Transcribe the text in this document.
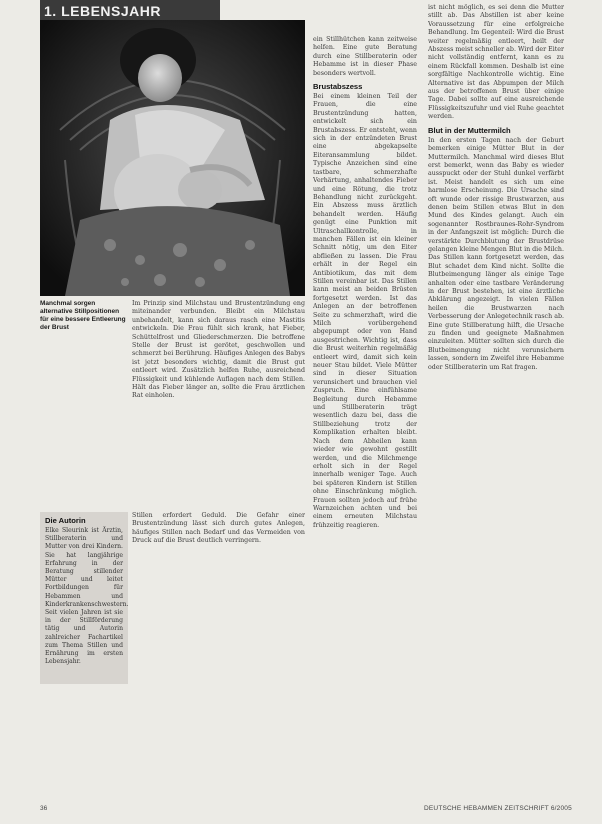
1. LEBENSJAHR
Manchmal sorgen alternative Stillpositionen für eine bessere Entleerung der Brust

Im Prinzip sind Milchstau und Brustentzündung eng miteinander verbunden. Bleibt ein Milchstau unbehandelt, kann sich daraus rasch eine Mastitis entwickeln. Die Frau fühlt sich krank, hat Fieber, Schüttelfrost und Gliederschmerzen. Die betroffene Stelle der Brust ist gerötet, geschwollen und schmerzt bei Berührung. Häufiges Anlegen des Babys ist jetzt besonders wichtig, damit die Brust gut entleert wird. Zusätzlich helfen Ruhe, ausreichend Flüssigkeit und kühlende Auflagen nach dem Stillen. Hält das Fieber länger an, sollte die Frau ärztlichen Rat einholen.

Die Autorin
Elke Sleurink ist Ärztin, Stillberaterin und Mutter von drei Kindern. Sie hat langjährige Erfahrung in der Beratung stillender Mütter und leitet Fortbildungen für Hebammen und Kinderkrankenschwestern. Seit vielen Jahren ist sie in der Stillförderung tätig und Autorin zahlreicher Fachartikel zum Thema Stillen und Ernährung im ersten Lebensjahr.

Stillen erfordert Geduld. Die Gefahr einer Brustentzündung lässt sich durch gutes Anlegen, häufiges Stillen nach Bedarf und das Vermeiden von Druck auf die Brust deutlich verringern.

ein Stillhütchen kann zeitweise helfen. Eine gute Beratung durch eine Stillberaterin oder Hebamme ist in dieser Phase besonders wertvoll.

Brustabszess

Bei einem kleinen Teil der Frauen, die eine Brustentzündung hatten, entwickelt sich ein Brustabszess. Er entsteht, wenn sich in der entzündeten Brust eine abgekapselte Eiteransammlung bildet. Typische Anzeichen sind eine tastbare, schmerzhafte Verhärtung, anhaltendes Fieber und eine Rötung, die trotz Behandlung nicht zurückgeht. Ein Abszess muss ärztlich behandelt werden. Häufig genügt eine Punktion mit Ultraschallkontrolle, in manchen Fällen ist ein kleiner Schnitt nötig, um den Eiter abfließen zu lassen. Die Frau erhält in der Regel ein Antibiotikum, das mit dem Stillen vereinbar ist. Das Stillen kann meist an beiden Brüsten fortgesetzt werden. Ist das Anlegen an der betroffenen Seite zu schmerzhaft, wird die Milch vorübergehend abgepumpt oder von Hand ausgestrichen. Wichtig ist, dass die Brust weiterhin regelmäßig entleert wird, damit sich kein neuer Stau bildet. Viele Mütter sind in dieser Situation verunsichert und brauchen viel Zuspruch. Eine einfühlsame Begleitung durch Hebamme und Stillberaterin trägt wesentlich dazu bei, dass die Stillbeziehung trotz der Komplikation erhalten bleibt. Nach dem Abheilen kann wieder wie gewohnt gestillt werden, und die Milchmenge erholt sich in der Regel innerhalb weniger Tage. Auch bei späteren Kindern ist Stillen ohne Einschränkung möglich. Frauen sollten jedoch auf frühe Warnzeichen achten und bei einem erneuten Milchstau frühzeitig reagieren.

ist nicht möglich, es sei denn die Mutter stillt ab. Das Abstillen ist aber keine Voraussetzung für eine erfolgreiche Behandlung. Im Gegenteil: Wird die Brust weiter regelmäßig entleert, heilt der Abszess meist schneller ab. Wird der Eiter nicht vollständig entfernt, kann es zu einem Rückfall kommen. Deshalb ist eine sorgfältige Nachkontrolle wichtig. Eine Alternative ist das Abpumpen der Milch aus der betroffenen Brust über einige Tage. Dabei sollte auf eine ausreichende Flüssigkeitszufuhr und viel Ruhe geachtet werden.

Blut in der Muttermilch

In den ersten Tagen nach der Geburt bemerken einige Mütter Blut in der Muttermilch. Manchmal wird dieses Blut erst bemerkt, wenn das Baby es wieder ausspuckt oder der Stuhl dunkel verfärbt ist. Meist handelt es sich um eine harmlose Erscheinung. Die Ursache sind oft wunde oder rissige Brustwarzen, aus denen beim Stillen etwas Blut in den Mund des Kindes gelangt. Auch ein sogenannter Rostbraunes-Rohr-Syndrom in der Anfangszeit ist möglich: Durch die verstärkte Durchblutung der Brustdrüse gelangen kleine Mengen Blut in die Milch. Das Stillen kann fortgesetzt werden, das Blut schadet dem Kind nicht. Sollte die Blutbeimengung länger als einige Tage anhalten oder eine tastbare Veränderung in der Brust bestehen, ist eine ärztliche Abklärung angezeigt. In vielen Fällen heilen die Brustwarzen nach Verbesserung der Anlegetechnik rasch ab. Eine gute Stillberatung hilft, die Ursache zu finden und geeignete Maßnahmen einzuleiten. Mütter sollten sich durch die Blutbeimengung nicht verunsichern lassen, sondern im Zweifel ihre Hebamme oder Stillberaterin um Rat fragen.

36	DEUTSCHE HEBAMMEN ZEITSCHRIFT 6/2005
